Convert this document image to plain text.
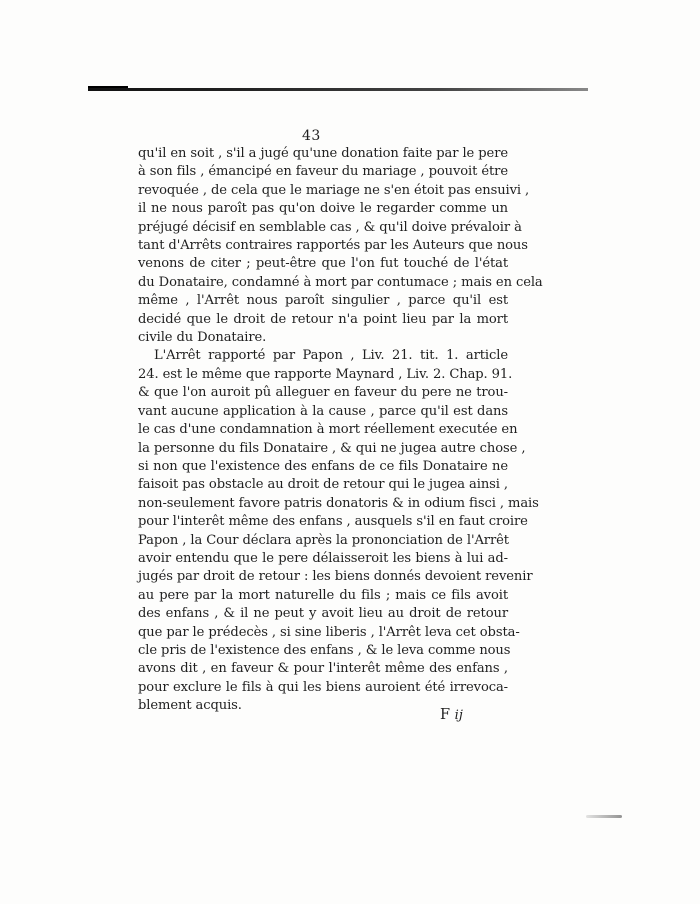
43
qu'il en soit , s'il a jugé qu'une donation faite par le pere
à son fils , émancipé en faveur du mariage , pouvoit étre
revoquée , de cela que le mariage ne s'en étoit pas ensuivi ,
il ne nous paroît pas qu'on doive le regarder comme un
préjugé décisif en semblable cas , & qu'il doive prévaloir à
tant d'Arrêts contraires rapportés par les Auteurs que nous
venons de citer ; peut-être que l'on fut touché de l'état
du Donataire, condamné à mort par contumace ; mais en cela
même , l'Arrêt nous paroît singulier , parce qu'il est
decidé que le droit de retour n'a point lieu par la mort
civile du Donataire.
L'Arrêt rapporté par Papon , Liv. 21. tit. 1. article
24. est le même que rapporte Maynard , Liv. 2. Chap. 91.
& que l'on auroit pû alleguer en faveur du pere ne trou-
vant aucune application à la cause , parce qu'il est dans
le cas d'une condamnation à mort réellement executée en
la personne du fils Donataire , & qui ne jugea autre chose ,
si non que l'existence des enfans de ce fils Donataire ne
faisoit pas obstacle au droit de retour qui le jugea ainsi ,
non-seulement favore patris donatoris & in odium fisci , mais
pour l'interêt même des enfans , ausquels s'il en faut croire
Papon , la Cour déclara après la prononciation de l'Arrêt
avoir entendu que le pere délaisseroit les biens à lui ad-
jugés par droit de retour : les biens donnés devoient revenir
au pere par la mort naturelle du fils ; mais ce fils avoit
des enfans , & il ne peut y avoit lieu au droit de retour
que par le prédecès , si sine liberis , l'Arrêt leva cet obsta-
cle pris de l'existence des enfans , & le leva comme nous
avons dit , en faveur & pour l'interêt même des enfans ,
pour exclure le fils à qui les biens auroient été irrevoca-
blement acquis.
F ij
